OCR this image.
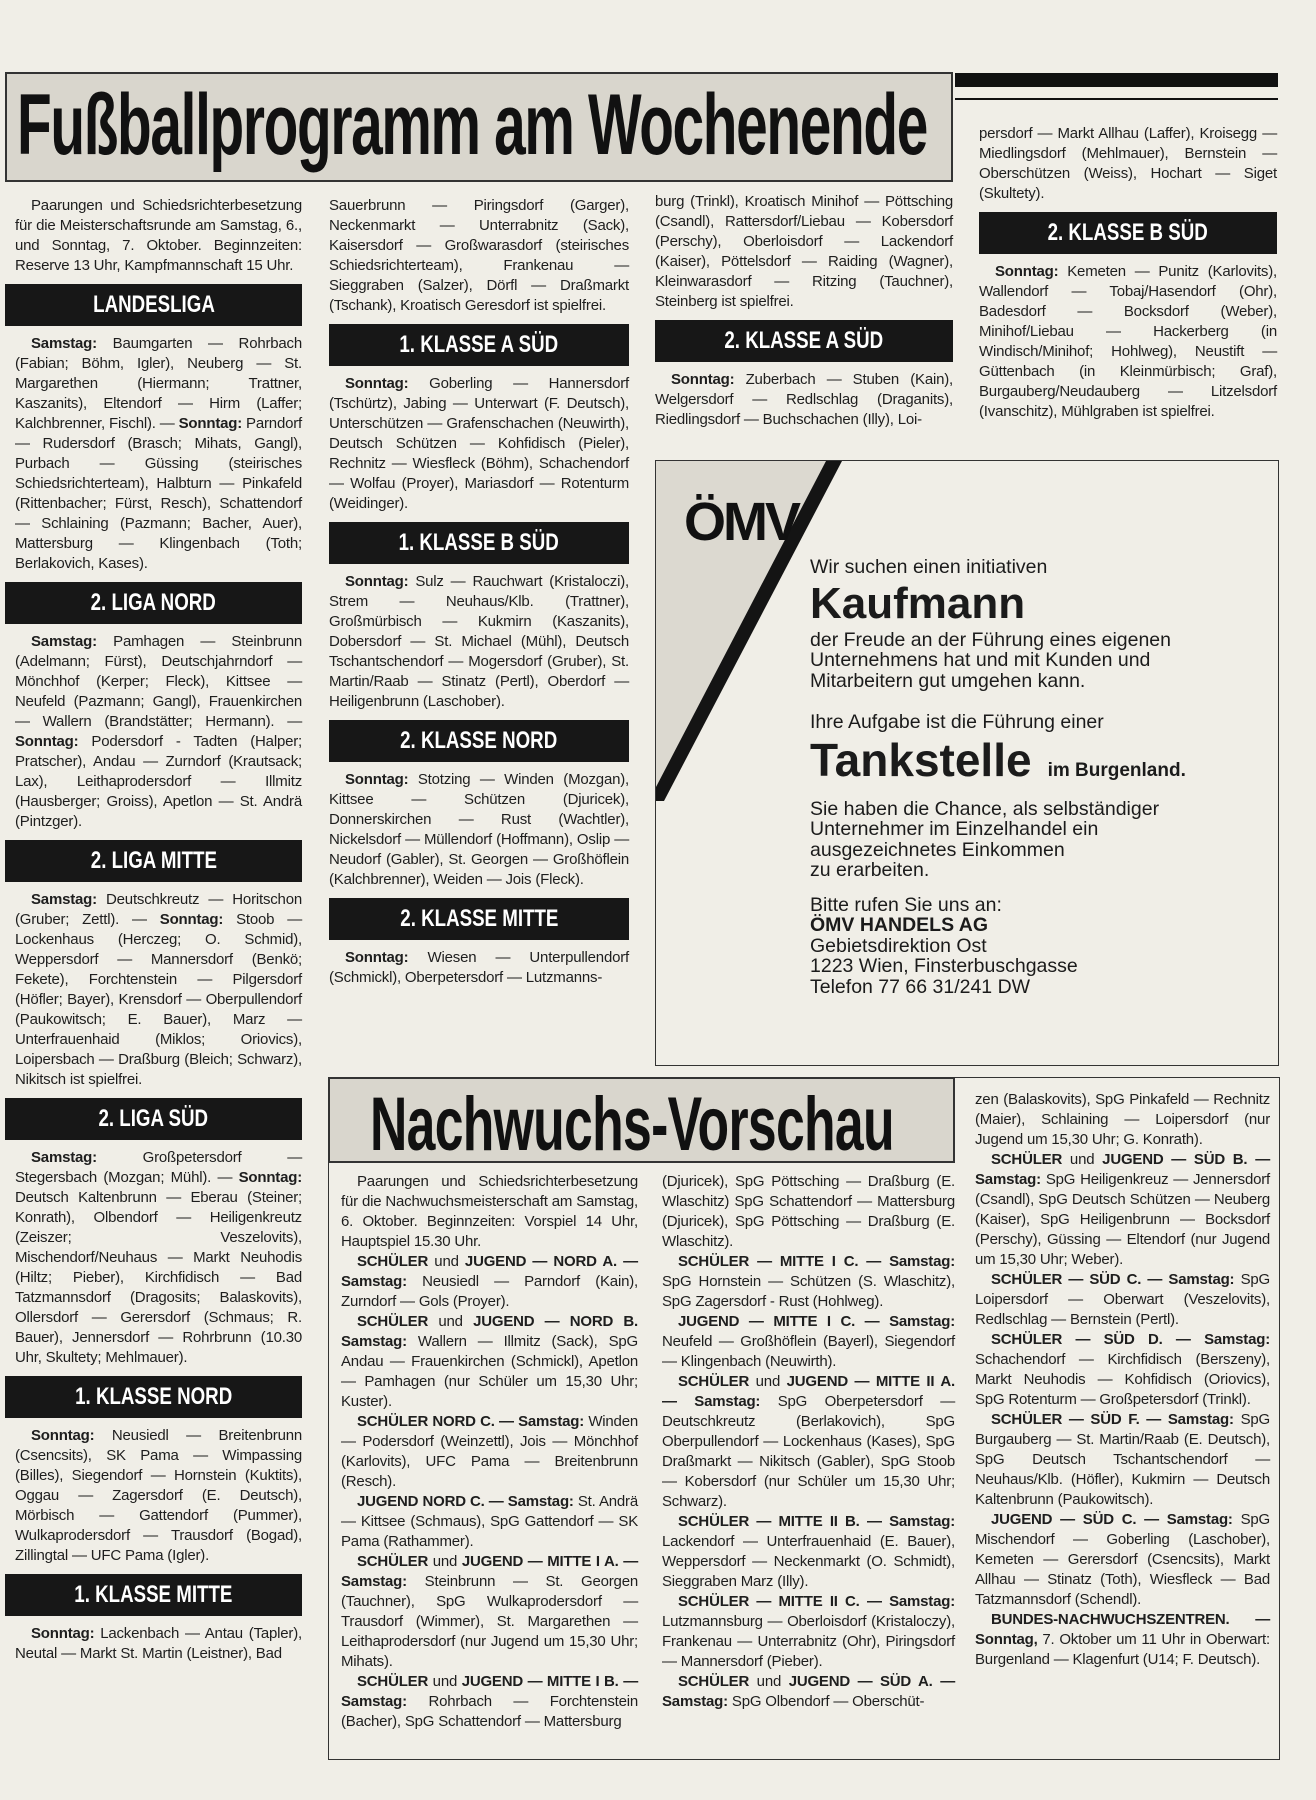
Fußballprogramm am Wochenende

Paarungen und Schiedsrichterbesetzung für die Meisterschaftsrunde am Samstag, 6., und Sonntag, 7. Oktober. Beginnzeiten: Reserve 13 Uhr, Kampfmannschaft 15 Uhr.

LANDESLIGA

Samstag: Baumgarten — Rohrbach (Fabian; Böhm, Igler), Neuberg — St. Margarethen (Hiermann; Trattner, Kaszanits), Eltendorf — Hirm (Laffer; Kalchbrenner, Fischl). — Sonntag: Parndorf — Rudersdorf (Brasch; Mihats, Gangl), Purbach — Güssing (steirisches Schiedsrichterteam), Halbturn — Pinkafeld (Rittenbacher; Fürst, Resch), Schattendorf — Schlaining (Pazmann; Bacher, Auer), Mattersburg — Klingenbach (Toth; Berlakovich, Kases).

2. LIGA NORD

Samstag: Pamhagen — Steinbrunn (Adelmann; Fürst), Deutschjahrndorf — Mönchhof (Kerper; Fleck), Kittsee — Neufeld (Pazmann; Gangl), Frauenkirchen — Wallern (Brandstätter; Hermann). — Sonntag: Podersdorf - Tadten (Halper; Pratscher), Andau — Zurndorf (Krautsack; Lax), Leithaprodersdorf — Illmitz (Hausberger; Groiss), Apetlon — St. Andrä (Pintzger).

2. LIGA MITTE

Samstag: Deutschkreutz — Horitschon (Gruber; Zettl). — Sonntag: Stoob — Lockenhaus (Herczeg; O. Schmid), Weppersdorf — Mannersdorf (Benkö; Fekete), Forchtenstein — Pilgersdorf (Höfler; Bayer), Krensdorf — Oberpullendorf (Paukowitsch; E. Bauer), Marz — Unterfrauenhaid (Miklos; Oriovics), Loipersbach — Draßburg (Bleich; Schwarz), Nikitsch ist spielfrei.

2. LIGA SÜD

Samstag: Großpetersdorf — Stegersbach (Mozgan; Mühl). — Sonntag: Deutsch Kaltenbrunn — Eberau (Steiner; Konrath), Olbendorf — Heiligenkreutz (Zeiszer; Veszelovits), Mischendorf/Neuhaus — Markt Neuhodis (Hiltz; Pieber), Kirchfidisch — Bad Tatzmannsdorf (Dragosits; Balaskovits), Ollersdorf — Gerersdorf (Schmaus; R. Bauer), Jennersdorf — Rohrbrunn (10.30 Uhr, Skultety; Mehlmauer).

1. KLASSE NORD

Sonntag: Neusiedl — Breitenbrunn (Csencsits), SK Pama — Wimpassing (Billes), Siegendorf — Hornstein (Kuktits), Oggau — Zagersdorf (E. Deutsch), Mörbisch — Gattendorf (Pummer), Wulkaprodersdorf — Trausdorf (Bogad), Zillingtal — UFC Pama (Igler).

1. KLASSE MITTE

Sonntag: Lackenbach — Antau (Tapler), Neutal — Markt St. Martin (Leistner), Bad

Sauerbrunn — Piringsdorf (Garger), Neckenmarkt — Unterrabnitz (Sack), Kaisersdorf — Großwarasdorf (steirisches Schiedsrichterteam), Frankenau — Sieggraben (Salzer), Dörfl — Draßmarkt (Tschank), Kroatisch Geresdorf ist spielfrei.

1. KLASSE A SÜD

Sonntag: Goberling — Hannersdorf (Tschürtz), Jabing — Unterwart (F. Deutsch), Unterschützen — Grafenschachen (Neuwirth), Deutsch Schützen — Kohfidisch (Pieler), Rechnitz — Wiesfleck (Böhm), Schachendorf — Wolfau (Proyer), Mariasdorf — Rotenturm (Weidinger).

1. KLASSE B SÜD

Sonntag: Sulz — Rauchwart (Kristaloczi), Strem — Neuhaus/Klb. (Trattner), Großmürbisch — Kukmirn (Kaszanits), Dobersdorf — St. Michael (Mühl), Deutsch Tschantschendorf — Mogersdorf (Gruber), St. Martin/Raab — Stinatz (Pertl), Oberdorf — Heiligenbrunn (Laschober).

2. KLASSE NORD

Sonntag: Stotzing — Winden (Mozgan), Kittsee — Schützen (Djuricek), Donnerskirchen — Rust (Wachtler), Nickelsdorf — Müllendorf (Hoffmann), Oslip — Neudorf (Gabler), St. Georgen — Großhöflein (Kalchbrenner), Weiden — Jois (Fleck).

2. KLASSE MITTE

Sonntag: Wiesen — Unterpullendorf (Schmickl), Oberpetersdorf — Lutzmanns-

burg (Trinkl), Kroatisch Minihof — Pöttsching (Csandl), Rattersdorf/Liebau — Kobersdorf (Perschy), Oberloisdorf — Lackendorf (Kaiser), Pöttelsdorf — Raiding (Wagner), Kleinwarasdorf — Ritzing (Tauchner), Steinberg ist spielfrei.

2. KLASSE A SÜD

Sonntag: Zuberbach — Stuben (Kain), Welgersdorf — Redlschlag (Draganits), Riedlingsdorf — Buchschachen (Illy), Loi-

persdorf — Markt Allhau (Laffer), Kroisegg — Miedlingsdorf (Mehlmauer), Bernstein — Oberschützen (Weiss), Hochart — Siget (Skultety).

2. KLASSE B SÜD

Sonntag: Kemeten — Punitz (Karlovits), Wallendorf — Tobaj/Hasendorf (Ohr), Badesdorf — Bocksdorf (Weber), Minihof/Liebau — Hackerberg (in Windisch/Minihof; Hohlweg), Neustift — Güttenbach (in Kleinmürbisch; Graf), Burgauberg/Neudauberg — Litzelsdorf (Ivanschitz), Mühlgraben ist spielfrei.

ÖMV
Wir suchen einen initiativen
Kaufmann
der Freude an der Führung eines eigenen
Unternehmens hat und mit Kunden und
Mitarbeitern gut umgehen kann.
Ihre Aufgabe ist die Führung einer
Tankstelle im Burgenland.
Sie haben die Chance, als selbständiger
Unternehmer im Einzelhandel ein
ausgezeichnetes Einkommen
zu erarbeiten.
Bitte rufen Sie uns an:
ÖMV HANDELS AG
Gebietsdirektion Ost
1223 Wien, Finsterbuschgasse
Telefon 77 66 31/241 DW
Nachwuchs-Vorschau

Paarungen und Schiedsrichterbesetzung für die Nachwuchsmeisterschaft am Samstag, 6. Oktober. Beginnzeiten: Vorspiel 14 Uhr, Hauptspiel 15.30 Uhr.

SCHÜLER und JUGEND — NORD A. — Samstag: Neusiedl — Parndorf (Kain), Zurndorf — Gols (Proyer).

SCHÜLER und JUGEND — NORD B. Samstag: Wallern — Illmitz (Sack), SpG Andau — Frauenkirchen (Schmickl), Apetlon — Pamhagen (nur Schüler um 15,30 Uhr; Kuster).

SCHÜLER NORD C. — Samstag: Winden — Podersdorf (Weinzettl), Jois — Mönchhof (Karlovits), UFC Pama — Breitenbrunn (Resch).

JUGEND NORD C. — Samstag: St. Andrä — Kittsee (Schmaus), SpG Gattendorf — SK Pama (Rathammer).

SCHÜLER und JUGEND — MITTE I A. — Samstag: Steinbrunn — St. Georgen (Tauchner), SpG Wulkaprodersdorf — Trausdorf (Wimmer), St. Margarethen — Leithaprodersdorf (nur Jugend um 15,30 Uhr; Mihats).

SCHÜLER und JUGEND — MITTE I B. — Samstag: Rohrbach — Forchtenstein (Bacher), SpG Schattendorf — Mattersburg

(Djuricek), SpG Pöttsching — Draßburg (E. Wlaschitz) SpG Schattendorf — Mattersburg (Djuricek), SpG Pöttsching — Draßburg (E. Wlaschitz).

SCHÜLER — MITTE I C. — Samstag: SpG Hornstein — Schützen (S. Wlaschitz), SpG Zagersdorf - Rust (Hohlweg).

JUGEND — MITTE I C. — Samstag: Neufeld — Großhöflein (Bayerl), Siegendorf — Klingenbach (Neuwirth).

SCHÜLER und JUGEND — MITTE II A. — Samstag: SpG Oberpetersdorf — Deutschkreutz (Berlakovich), SpG Oberpullendorf — Lockenhaus (Kases), SpG Draßmarkt — Nikitsch (Gabler), SpG Stoob — Kobersdorf (nur Schüler um 15,30 Uhr; Schwarz).

SCHÜLER — MITTE II B. — Samstag: Lackendorf — Unterfrauenhaid (E. Bauer), Weppersdorf — Neckenmarkt (O. Schmidt), Sieggraben Marz (Illy).

SCHÜLER — MITTE II C. — Samstag: Lutzmannsburg — Oberloisdorf (Kristaloczy), Frankenau — Unterrabnitz (Ohr), Piringsdorf — Mannersdorf (Pieber).

SCHÜLER und JUGEND — SÜD A. — Samstag: SpG Olbendorf — Oberschüt-

zen (Balaskovits), SpG Pinkafeld — Rechnitz (Maier), Schlaining — Loipersdorf (nur Jugend um 15,30 Uhr; G. Konrath).

SCHÜLER und JUGEND — SÜD B. — Samstag: SpG Heiligenkreuz — Jennersdorf (Csandl), SpG Deutsch Schützen — Neuberg (Kaiser), SpG Heiligenbrunn — Bocksdorf (Perschy), Güssing — Eltendorf (nur Jugend um 15,30 Uhr; Weber).

SCHÜLER — SÜD C. — Samstag: SpG Loipersdorf — Oberwart (Veszelovits), Redlschlag — Bernstein (Pertl).

SCHÜLER — SÜD D. — Samstag: Schachendorf — Kirchfidisch (Berszeny), Markt Neuhodis — Kohfidisch (Oriovics), SpG Rotenturm — Großpetersdorf (Trinkl).

SCHÜLER — SÜD F. — Samstag: SpG Burgauberg — St. Martin/Raab (E. Deutsch), SpG Deutsch Tschantschendorf — Neuhaus/Klb. (Höfler), Kukmirn — Deutsch Kaltenbrunn (Paukowitsch).

JUGEND — SÜD C. — Samstag: SpG Mischendorf — Goberling (Laschober), Kemeten — Gerersdorf (Csencsits), Markt Allhau — Stinatz (Toth), Wiesfleck — Bad Tatzmannsdorf (Schendl).

BUNDES-NACHWUCHSZENTREN. — Sonntag, 7. Oktober um 11 Uhr in Oberwart: Burgenland — Klagenfurt (U14; F. Deutsch).
